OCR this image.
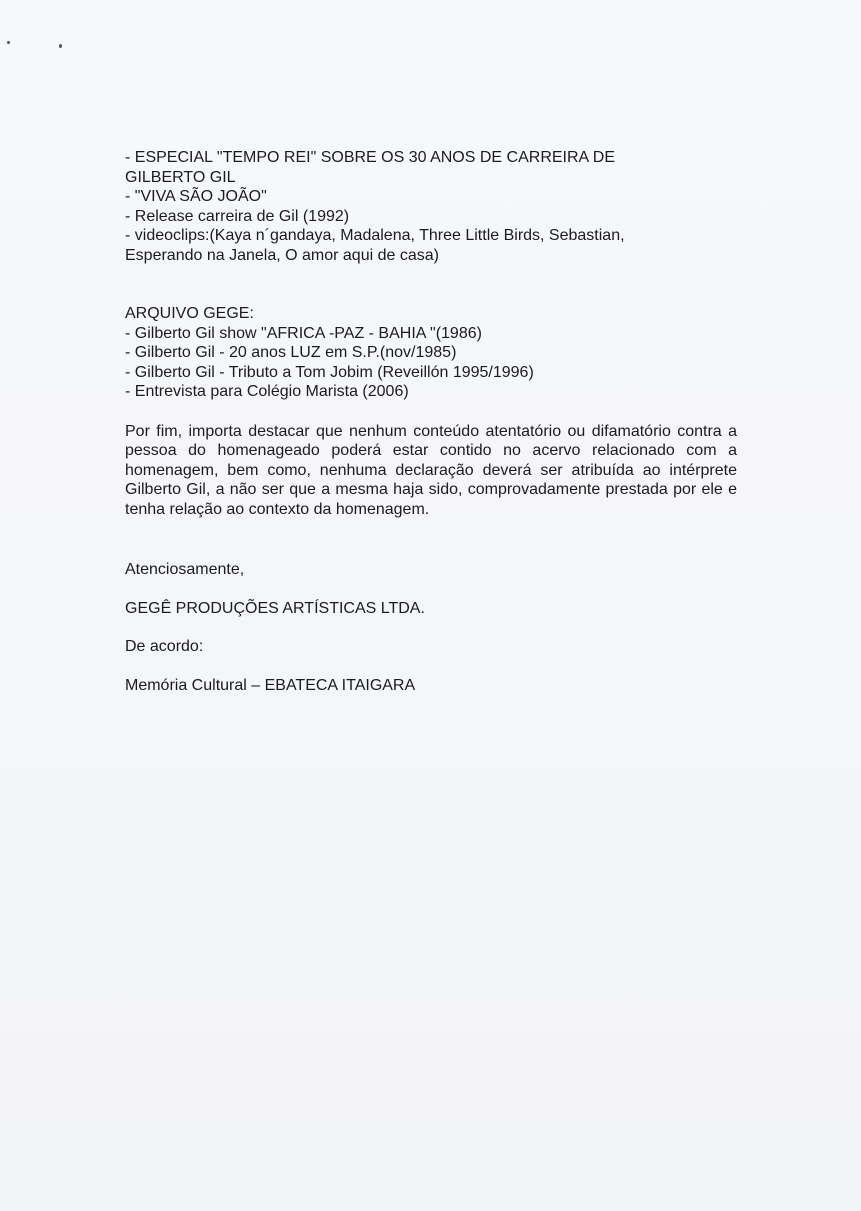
- ESPECIAL "TEMPO REI" SOBRE OS 30 ANOS DE CARREIRA DE

GILBERTO GIL

- "VIVA SÃO JOÃO"

- Release carreira de Gil (1992)

- videoclips:(Kaya n´gandaya, Madalena, Three Little Birds, Sebastian,

Esperando na Janela, O amor aqui de casa)

ARQUIVO GEGE:

- Gilberto Gil show "AFRICA -PAZ - BAHIA "(1986)

- Gilberto Gil - 20 anos LUZ em S.P.(nov/1985)

- Gilberto Gil - Tributo a Tom Jobim (Reveillón 1995/1996)

- Entrevista para Colégio Marista (2006)

Por fim, importa destacar que nenhum conteúdo atentatório ou difamatório contra a pessoa do homenageado poderá estar contido no acervo relacionado com a homenagem, bem como, nenhuma declaração deverá ser atribuída ao intérprete Gilberto Gil, a não ser que a mesma haja sido, comprovadamente prestada por ele e tenha relação ao contexto da homenagem.

Atenciosamente,

GEGÊ PRODUÇÕES ARTÍSTICAS LTDA.

De acordo:

Memória Cultural – EBATECA ITAIGARA
